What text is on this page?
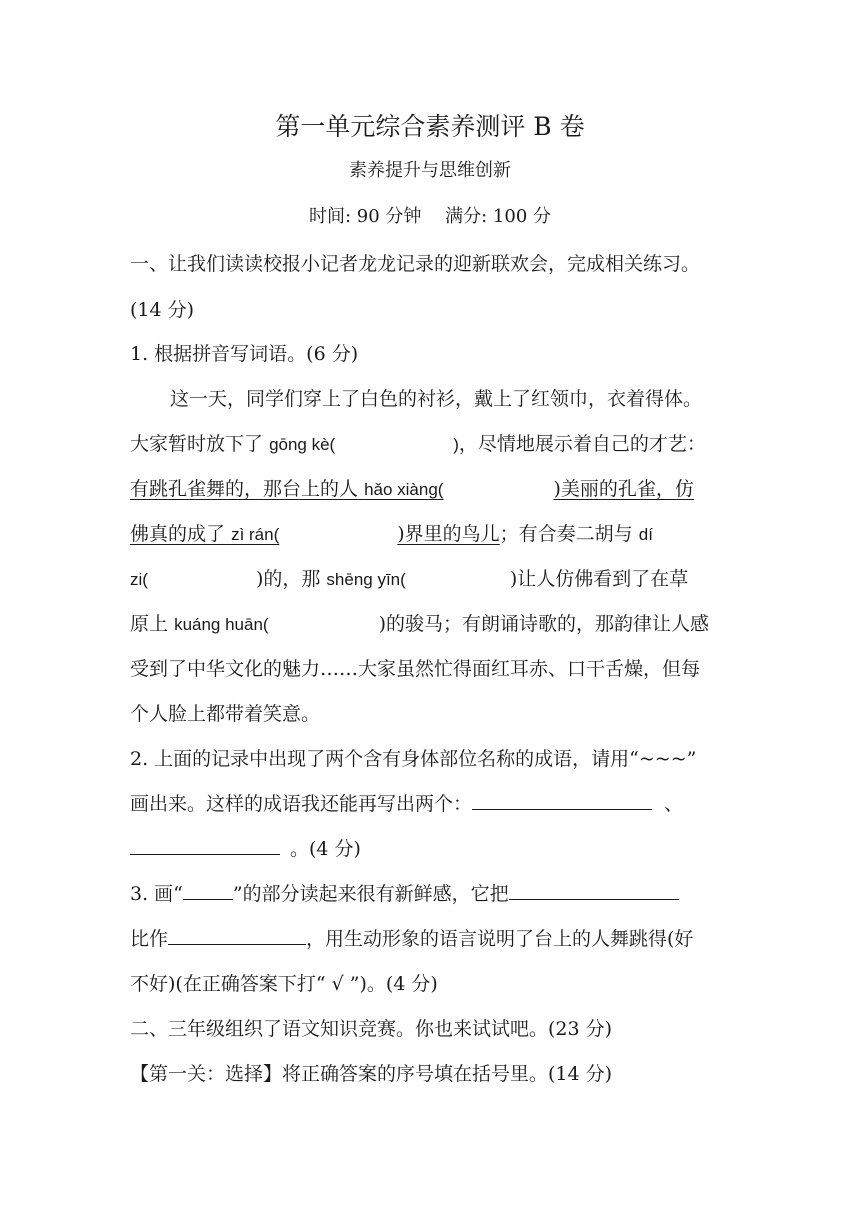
第一单元综合素养测评 B 卷
素养提升与思维创新
时间: 90 分钟　 满分: 100 分
一、让我们读读校报小记者龙龙记录的迎新联欢会，完成相关练习。
(14 分)
1. 根据拼音写词语。(6 分)
这一天，同学们穿上了白色的衬衫，戴上了红领巾，衣着得体。
大家暂时放下了 gōng kè(	)，尽情地展示着自己的才艺：
有跳孔雀舞的，那台上的人 hǎo xiàng(	)美丽的孔雀，仿
佛真的成了 zì rán(	)界里的鸟儿；有合奏二胡与 dí
zi(	)的，那 shēng yīn(	)让人仿佛看到了在草
原上 kuáng huān(	)的骏马；有朗诵诗歌的，那韵律让人感
受到了中华文化的魅力……大家虽然忙得面红耳赤、口干舌燥，但每
个人脸上都带着笑意。
2. 上面的记录中出现了两个含有身体部位名称的成语，请用“~~~”
画出来。这样的成语我还能再写出两个：	、
。(4 分)
3. 画“	”的部分读起来很有新鲜感，它把
比作	，用生动形象的语言说明了台上的人舞跳得(好
不好)(在正确答案下打“ √ ”)。(4 分)
二、三年级组织了语文知识竞赛。你也来试试吧。(23 分)
【第一关：选择】将正确答案的序号填在括号里。(14 分)
